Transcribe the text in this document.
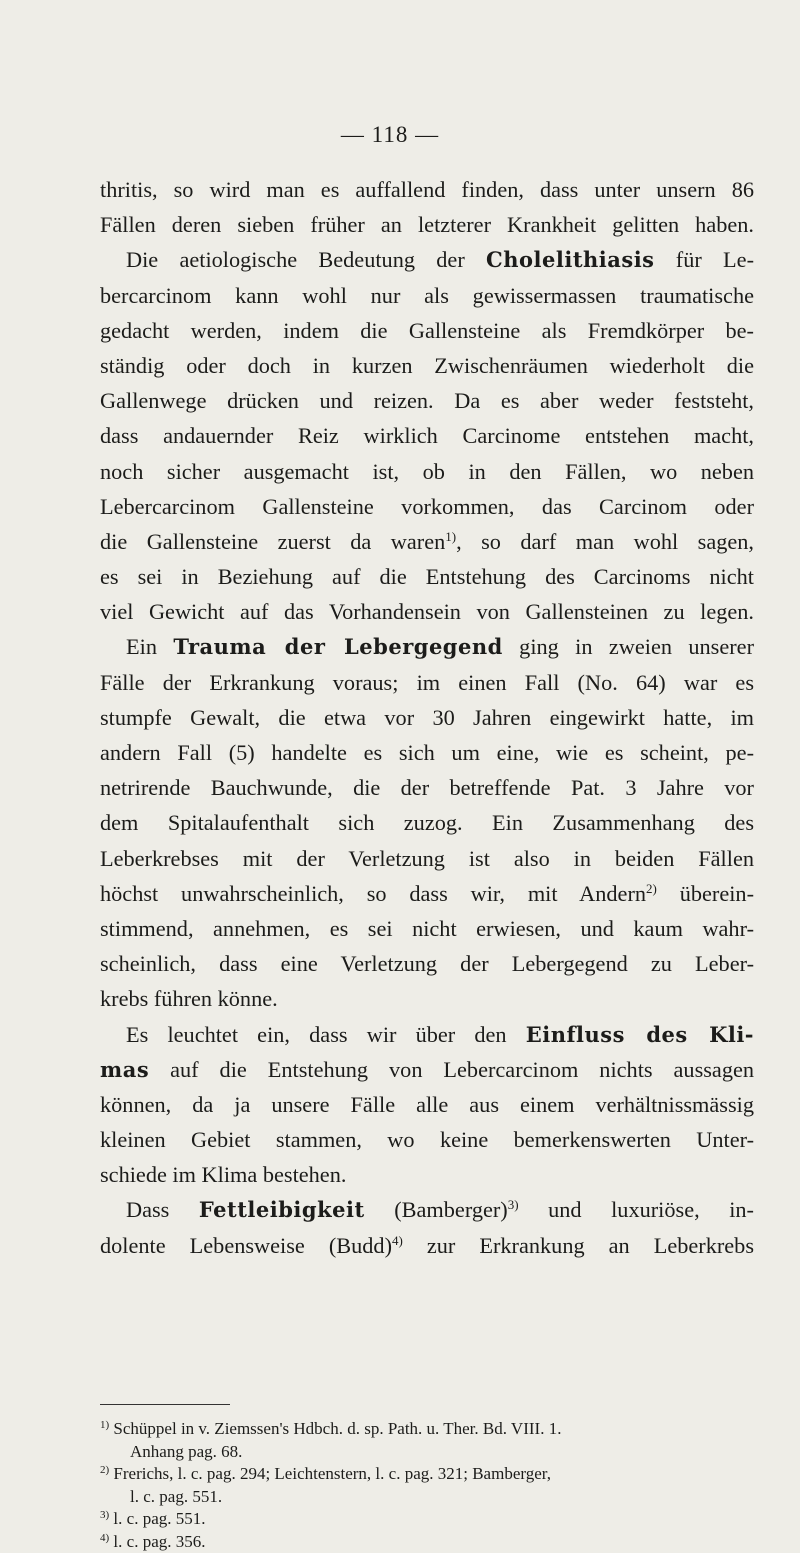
— 118 —
thritis, so wird man es auffallend finden, dass unter unsern 86
Fällen deren sieben früher an letzterer Krankheit gelitten haben.
Die aetiologische Bedeutung der Cholelithiasis für Le-
bercarcinom kann wohl nur als gewissermassen traumatische
gedacht werden, indem die Gallensteine als Fremdkörper be-
ständig oder doch in kurzen Zwischenräumen wiederholt die
Gallenwege drücken und reizen. Da es aber weder feststeht,
dass andauernder Reiz wirklich Carcinome entstehen macht,
noch sicher ausgemacht ist, ob in den Fällen, wo neben
Lebercarcinom Gallensteine vorkommen, das Carcinom oder
die Gallensteine zuerst da waren$^{1)}$, so darf man wohl sagen,
es sei in Beziehung auf die Entstehung des Carcinoms nicht
viel Gewicht auf das Vorhandensein von Gallensteinen zu legen.
Ein Trauma der Lebergegend ging in zweien unserer
Fälle der Erkrankung voraus; im einen Fall (No. 64) war es
stumpfe Gewalt, die etwa vor 30 Jahren eingewirkt hatte, im
andern Fall (5) handelte es sich um eine, wie es scheint, pe-
netrirende Bauchwunde, die der betreffende Pat. 3 Jahre vor
dem Spitalaufenthalt sich zuzog. Ein Zusammenhang des
Leberkrebses mit der Verletzung ist also in beiden Fällen
höchst unwahrscheinlich, so dass wir, mit Andern$^{2)}$ überein-
stimmend, annehmen, es sei nicht erwiesen, und kaum wahr-
scheinlich, dass eine Verletzung der Lebergegend zu Leber-
krebs führen könne.
Es leuchtet ein, dass wir über den Einfluss des Kli-
mas auf die Entstehung von Lebercarcinom nichts aussagen
können, da ja unsere Fälle alle aus einem verhältnissmässig
kleinen Gebiet stammen, wo keine bemerkenswerten Unter-
schiede im Klima bestehen.
Dass Fettleibigkeit (Bamberger)$^{3)}$ und luxuriöse, in-
dolente Lebensweise (Budd)$^{4)}$ zur Erkrankung an Leberkrebs
$^{1)}$ Schüppel in v. Ziemssen's Hdbch. d. sp. Path. u. Ther. Bd. VIII. 1.
Anhang pag. 68.
$^{2)}$ Frerichs, l. c. pag. 294; Leichtenstern, l. c. pag. 321; Bamberger,
l. c. pag. 551.
$^{3)}$ l. c. pag. 551.
$^{4)}$ l. c. pag. 356.
